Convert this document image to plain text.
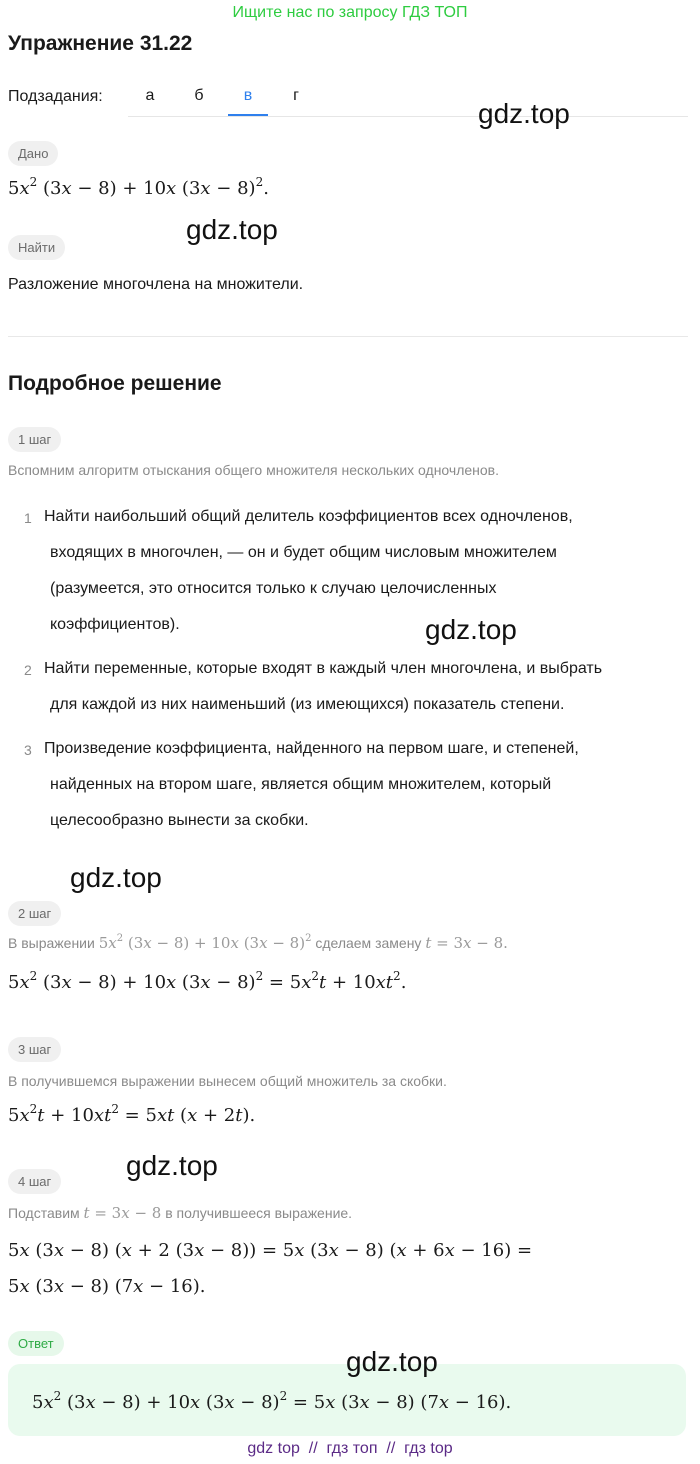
Ищите нас по запросу ГДЗ ТОП
Упражнение 31.22
Подзадания:	а	б	в	г
Дано
$5x^2$ (3x − 8) + 10x $(3x - 8)^2$.
Найти
Разложение многочлена на множители.
Подробное решение
1 шаг
Вспомним алгоритм отыскания общего множителя нескольких одночленов.
1 Найти наибольший общий делитель коэффициентов всех одночленов,
входящих в многочлен, — он и будет общим числовым множителем
(разумеется, это относится только к случаю целочисленных
коэффициентов).
2 Найти переменные, которые входят в каждый член многочлена, и выбрать
для каждой из них наименьший (из имеющихся) показатель степени.
3 Произведение коэффициента, найденного на первом шаге, и степеней,
найденных на втором шаге, является общим множителем, который
целесообразно вынести за скобки.
2 шаг
В выражении $5x^2$ (3x − 8) + 10x $(3x - 8)^2$ сделаем замену t = 3x − 8.
$5x^2$ (3x − 8) + 10x $(3x - 8)^2 = 5x^2t + 10xt^2$.
3 шаг
В получившемся выражении вынесем общий множитель за скобки.
$5x^2t + 10xt^2 = 5xt$ (x + 2t).
4 шаг
Подставим t = 3x − 8 в получившееся выражение.
5x (3x − 8) (x + 2 (3x − 8)) = 5x (3x − 8) (x + 6x − 16) =
5x (3x − 8) (7x − 16).
Ответ
$5x^2$ (3x − 8) + 10x $(3x - 8)^2 = 5x$ (3x − 8) (7x − 16).
gdz.top
gdz.top
gdz.top
gdz.top
gdz.top
gdz.top
gdz top  //  гдз топ  //  гдз top
